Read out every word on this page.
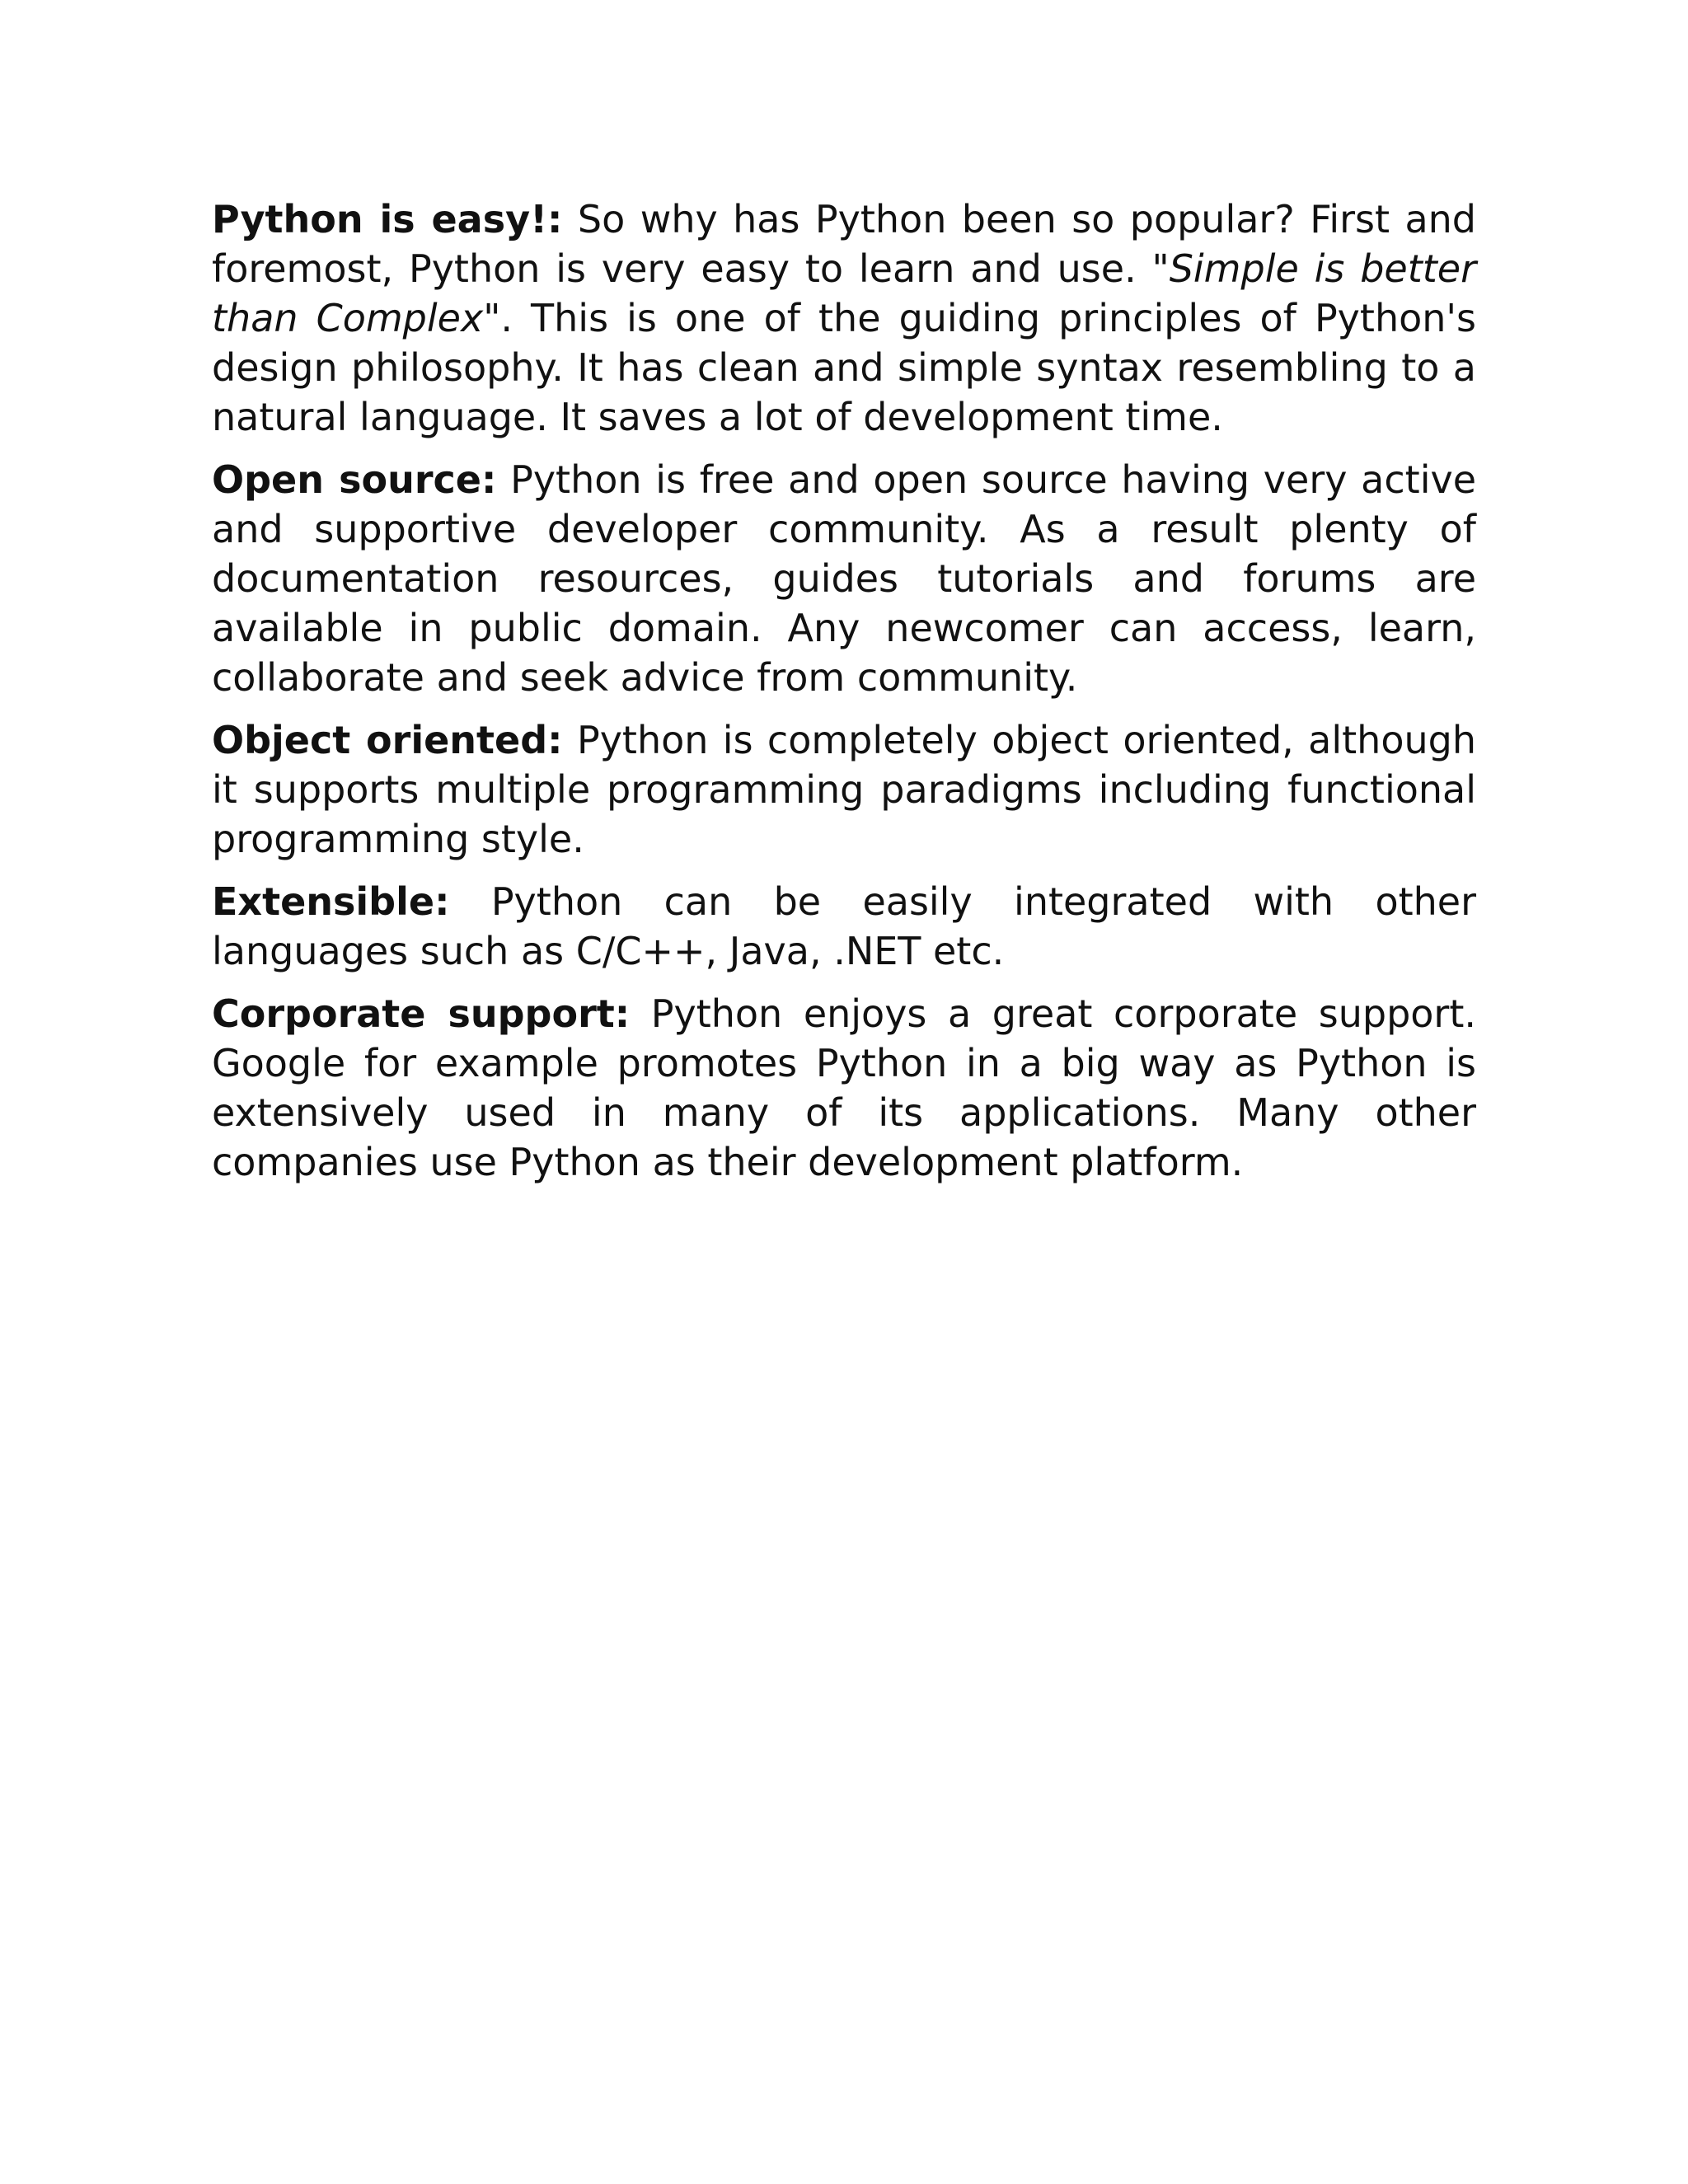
Python is easy!: So why has Python been so popular? First and foremost, Python is very easy to learn and use. "Simple is better than Complex". This is one of the guiding principles of Python's design philosophy. It has clean and simple syntax resembling to a natural language. It saves a lot of development time.

Open source: Python is free and open source having very active and supportive developer community. As a result plenty of documentation resources, guides tutorials and forums are available in public domain. Any newcomer can access, learn, collaborate and seek advice from community.

Object oriented: Python is completely object oriented, although it supports multiple programming paradigms including functional programming style.

Extensible: Python can be easily integrated with other languages such as C/C++, Java, .NET etc.

Corporate support: Python enjoys a great corporate support. Google for example promotes Python in a big way as Python is extensively used in many of its applications. Many other companies use Python as their development platform.
